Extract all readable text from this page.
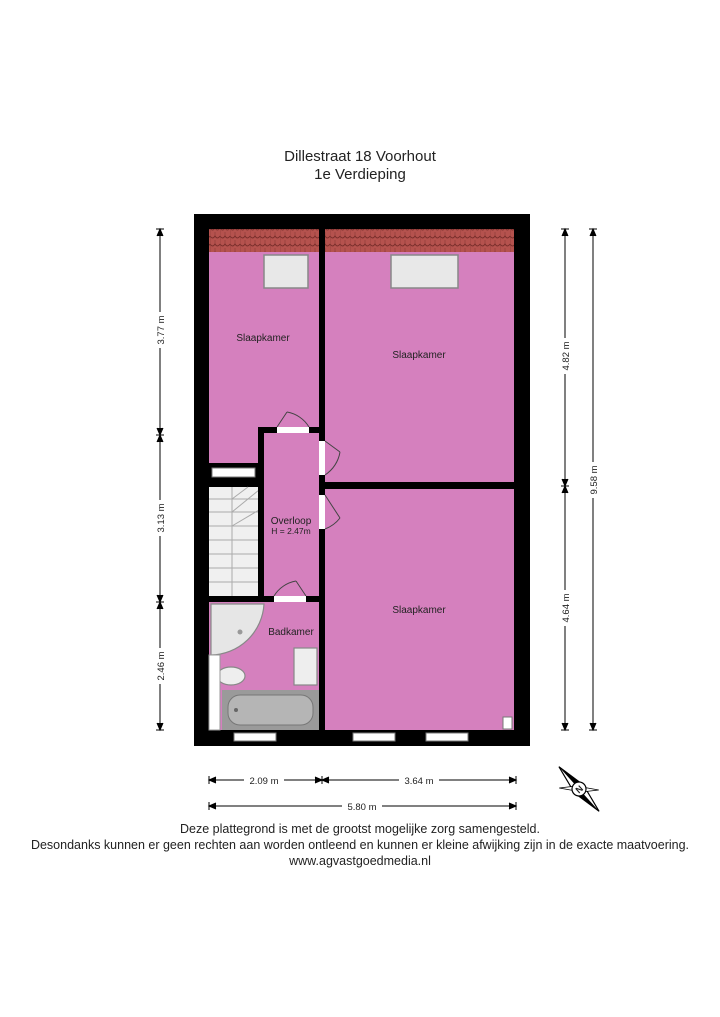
Dillestraat 18 Voorhout
1e Verdieping
Slaapkamer
Slaapkamer
Slaapkamer
Overloop
H = 2.47m
Badkamer
3.77 m
3.13 m
2.46 m
4.82 m
4.64 m
9.58 m
2.09 m	3.64 m
5.80 m
N
Deze plattegrond is met de grootst mogelijke zorg samengesteld.
Desondanks kunnen er geen rechten aan worden ontleend en kunnen er kleine afwijking zijn in de exacte maatvoering.
www.agvastgoedmedia.nl
